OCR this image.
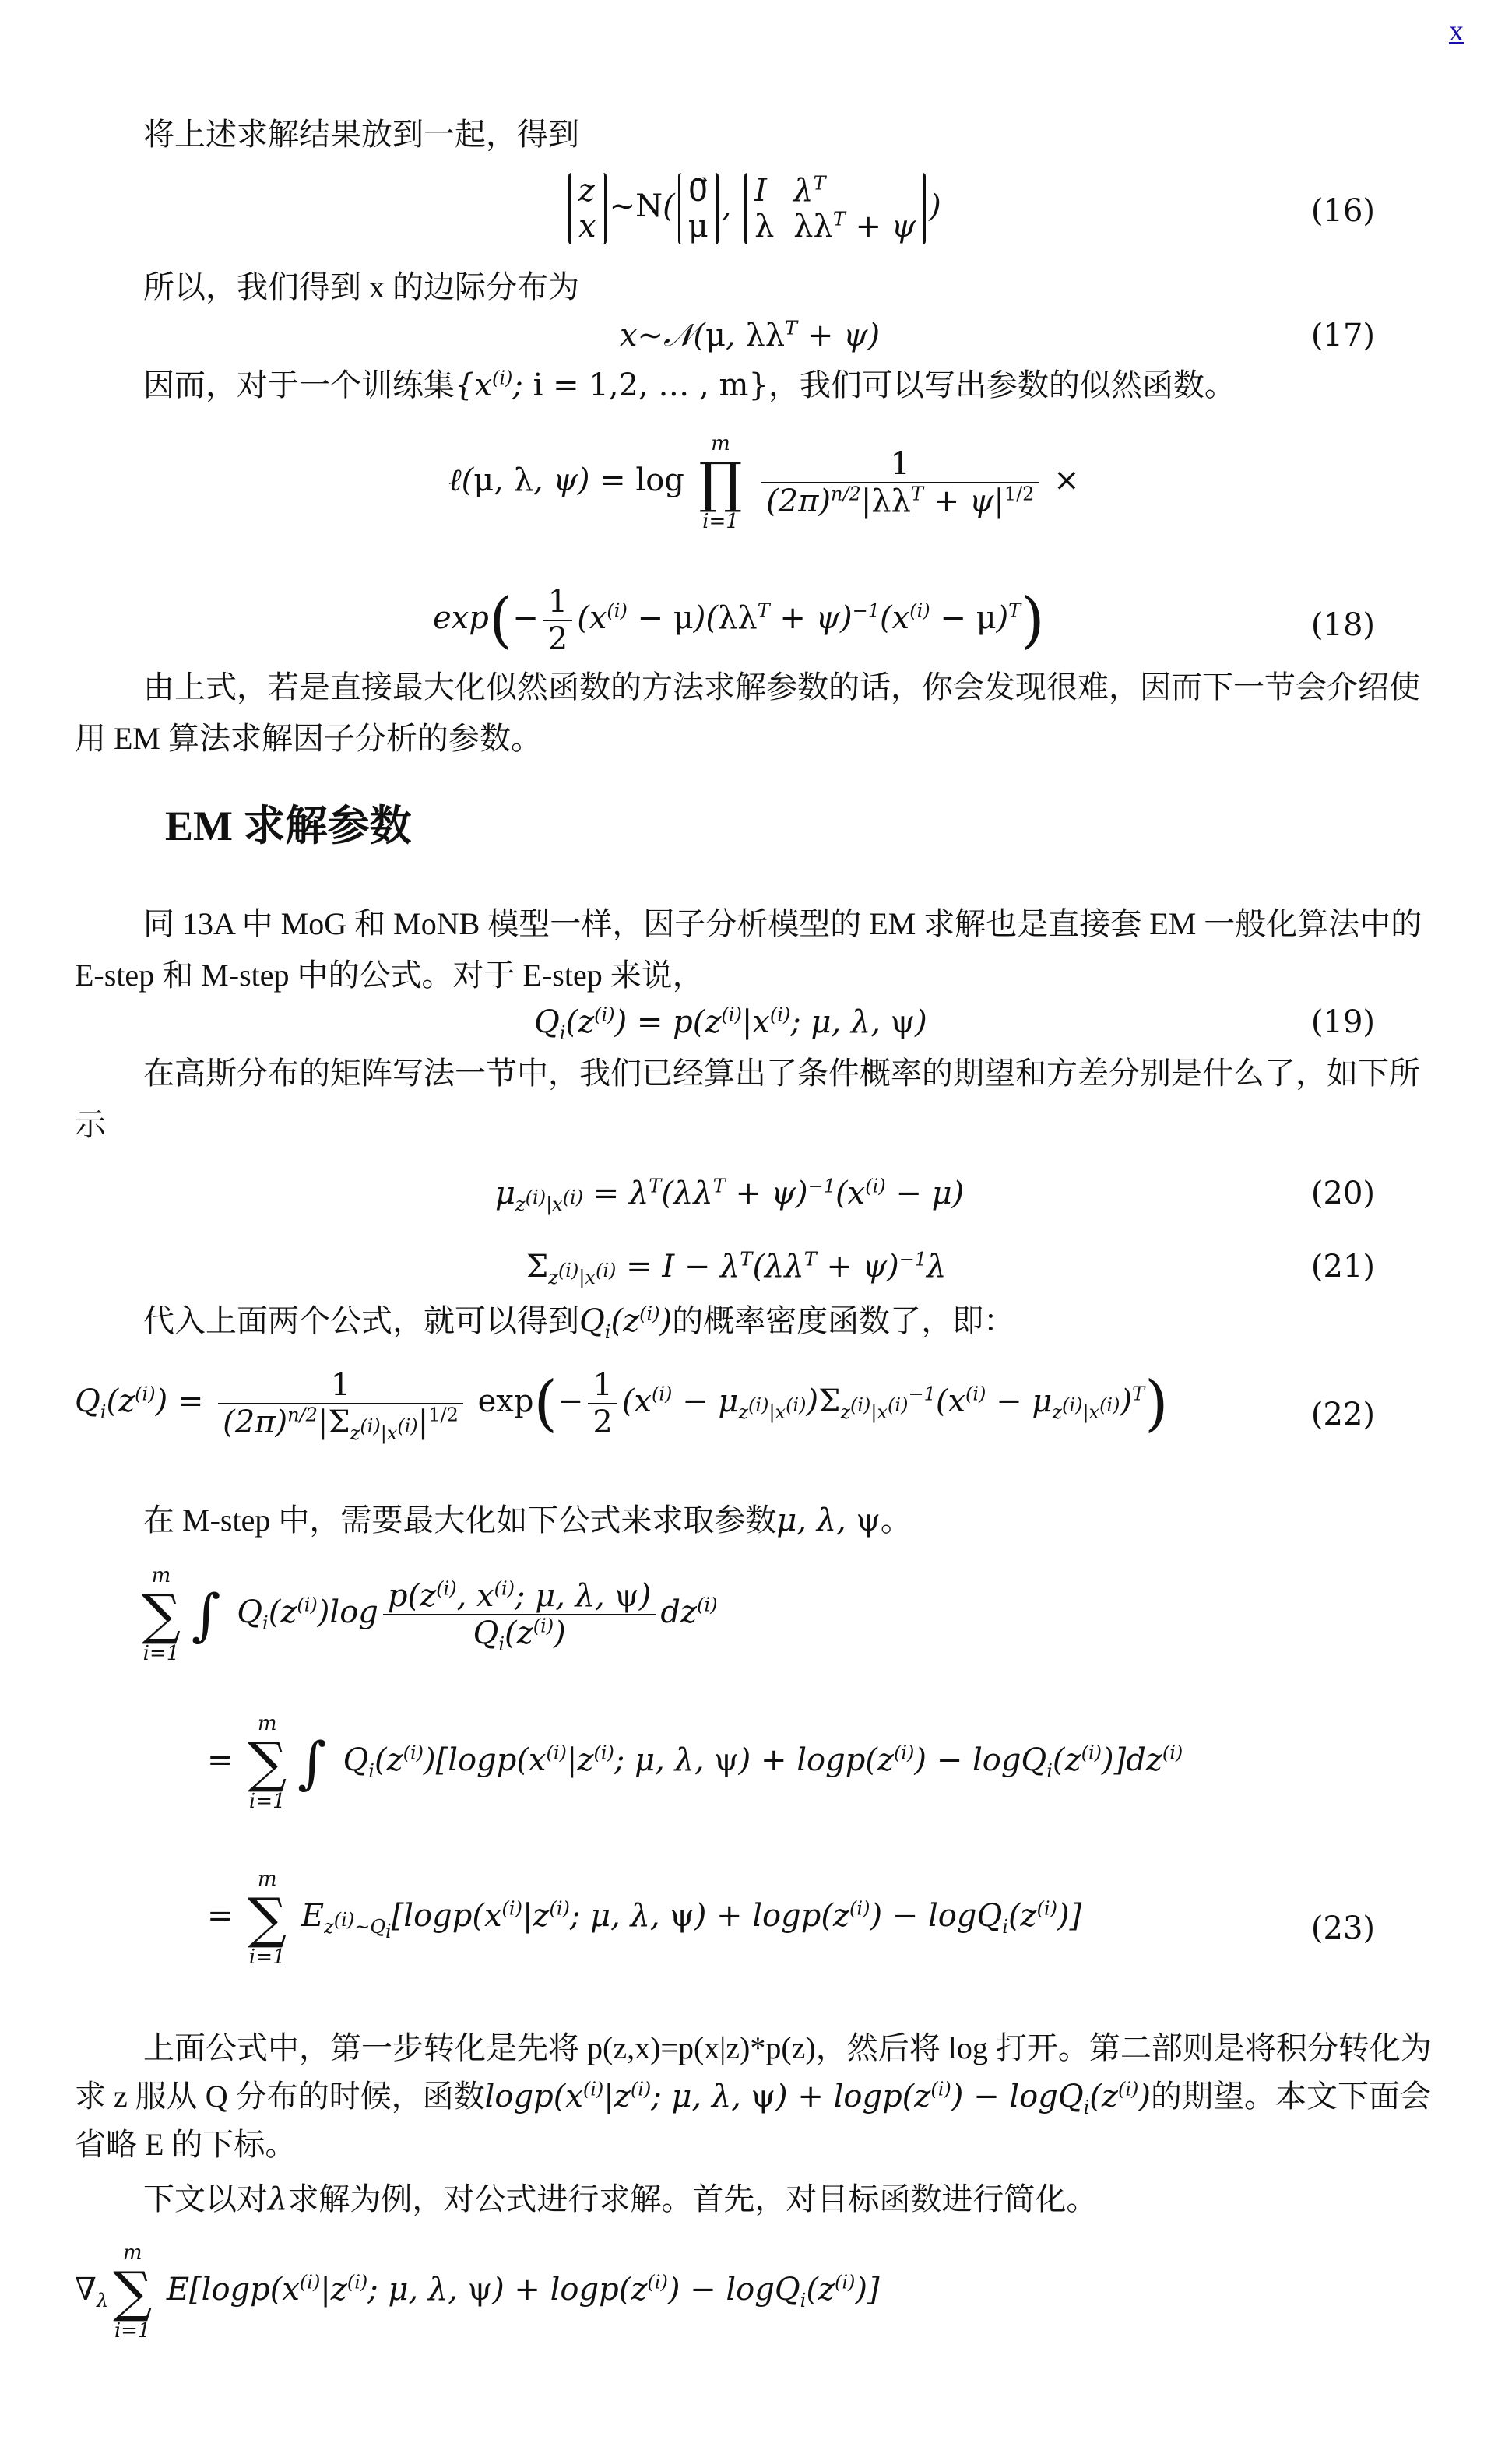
x

将上述求解结果放到一起，得到

z
x
~N( 0⃗
μ
, I $\lambda^T$
λ $\lambda\lambda^T + \psi$
)	(16)

所以，我们得到 x 的边际分布为

x~𝒩(μ, $\lambda\lambda^T + \psi$)	(17)

因而，对于一个训练集{$x^{(i)}$; i = 1,2, … , m}，我们可以写出参数的似然函数。

ℓ(μ, λ, ψ) = log
m
∏
i=1

$\frac{1}{(2\pi)^{n/2}|\lambda\lambda^T + \psi|^{1/2}}$ ×
$\exp(- \frac{1}{2} (x^{(i)} - \mu)(\lambda\lambda^T + \psi)^{-1}(x^{(i)} - \mu)^T)$	(18)

由上式，若是直接最大化似然函数的方法求解参数的话，你会发现很难，因而下一节会介绍使用 EM 算法求解因子分析的参数。

EM 求解参数

同 13A 中 MoG 和 MoNB 模型一样，因子分析模型的 EM 求解也是直接套 EM 一般化算法中的 E-step 和 M-step 中的公式。对于 E-step 来说，

$Q_i(z^{(i)}) = p(z^{(i)}|x^{(i)}$; μ, λ, ψ)	(19)

在高斯分布的矩阵写法一节中，我们已经算出了条件概率的期望和方差分别是什么了，如下所示

$\mu_{z^{(i)}|x^{(i)}} = \lambda^T(\lambda\lambda^T + \psi)^{-1}(x^{(i)} - \mu)$	(20)
$\Sigma_{z^{(i)}|x^{(i)}} = I - \lambda^T(\lambda\lambda^T + \psi)^{-1}\lambda$	(21)

代入上面两个公式，就可以得到$Q_i(z^{(i)})$的概率密度函数了，即：

$Q_i(z^{(i)}) = \frac{1}{(2\pi)^{n/2}|\Sigma_{z^{(i)}|x^{(i)}}|^{1/2}} \exp(- \frac{1}{2} (x^{(i)} - \mu_{z^{(i)}|x^{(i)}})\Sigma_{z^{(i)}|x^{(i)}}^{-1}(x^{(i)} - \mu_{z^{(i)}|x^{(i)}})^T)$	(22)

在 M-step 中，需要最大化如下公式来求取参数μ, λ, ψ。

m
∑
i=1
∫ $Q_i(z^{(i)})\log \frac{p(z^{(i)}, x^{(i)}; \mu, \lambda, \psi)}{Q_i(z^{(i)})} dz^{(i)}$
=
m
∑
i=1
∫ $Q_i(z^{(i)})[\log p(x^{(i)}|z^{(i)}$; μ, λ, $\psi) + \log p(z^{(i)}) - \log Q_i(z^{(i)})]dz^{(i)}$
=
m
∑
i=1
$E_{z^{(i)}\sim Q_i}[\log p(x^{(i)}|z^{(i)}$; μ, λ, $\psi) + \log p(z^{(i)}) - \log Q_i(z^{(i)})$]	(23)

上面公式中，第一步转化是先将 p(z,x)=p(x|z)*p(z)，然后将 log 打开。第二部则是将积分转化为求 z 服从 Q 分布的时候，函数$\log p(x^{(i)}|z^{(i)}$; μ, λ, $\psi) + \log p(z^{(i)}) - \log Q_i(z^{(i)})$的期望。本文下面会省略 E 的下标。

下文以对λ求解为例，对公式进行求解。首先，对目标函数进行简化。

$\nabla_\lambda$
m
∑
i=1
$E[\log p(x^{(i)}|z^{(i)}$; μ, λ, $\psi) + \log p(z^{(i)}) - \log Q_i(z^{(i)})$]
